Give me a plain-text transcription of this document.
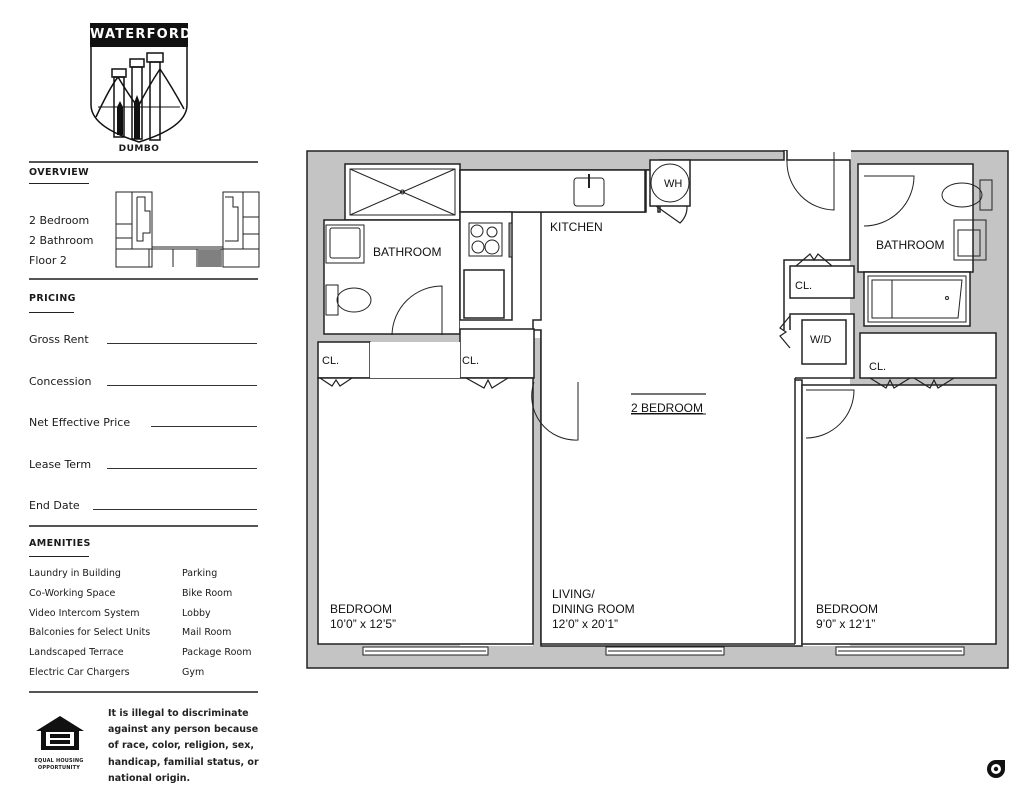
WATERFORD
DUMBO
OVERVIEW
2 Bedroom
2 Bathroom
Floor 2
PRICING
Gross Rent
Concession
Net Effective Price
Lease Term
End Date
AMENITIES
Laundry in Building
Co-Working Space
Video Intercom System
Balconies for Select Units
Landscaped Terrace
Electric Car Chargers
Parking
Bike Room
Lobby
Mail Room
Package Room
Gym
EQUAL HOUSING
OPPORTUNITY
It is illegal to discriminate against any person because of race, color, religion, sex, handicap, familial status, or national origin.
BATHROOM
KITCHEN
WH
BATHROOM
CL.
W/D
CL.
CL.	CL.
2 BEDROOM
BEDROOM
10’0” x 12’5”
LIVING/
DINING ROOM
12’0” x 20’1”
BEDROOM
9’0” x 12’1”
